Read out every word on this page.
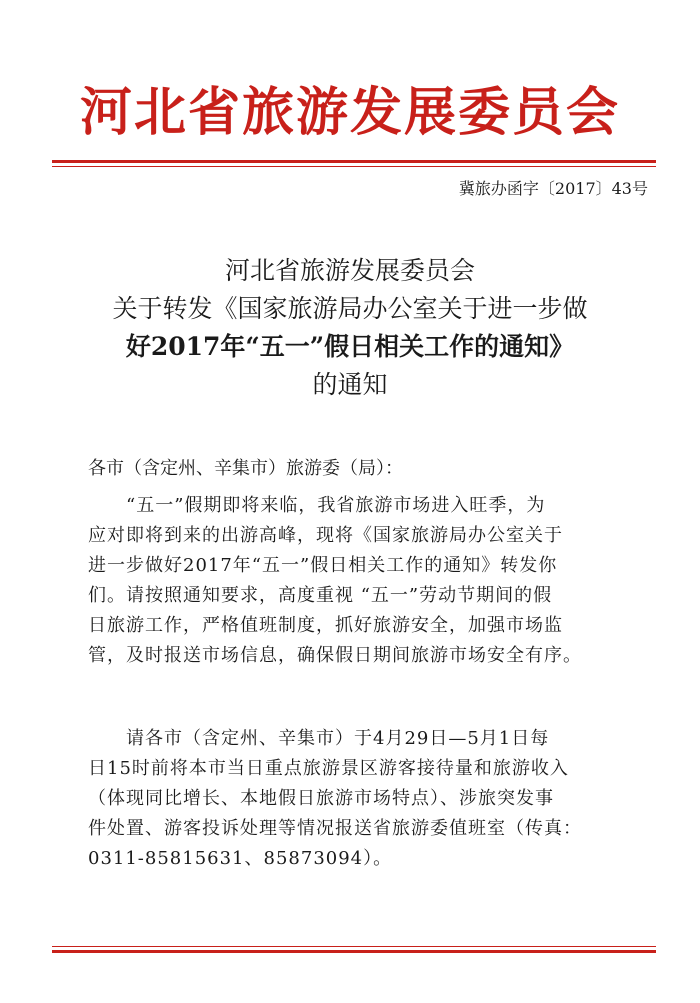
河北省旅游发展委员会
冀旅办函字〔2017〕43号
河北省旅游发展委员会
关于转发《国家旅游局办公室关于进一步做
好2017年“五一”假日相关工作的通知》
的通知
各市（含定州、辛集市）旅游委（局）：
　　“五一”假期即将来临，我省旅游市场进入旺季，为
应对即将到来的出游高峰，现将《国家旅游局办公室关于
进一步做好2017年“五一”假日相关工作的通知》转发你
们。请按照通知要求，高度重视 “五一”劳动节期间的假
日旅游工作，严格值班制度，抓好旅游安全，加强市场监
管，及时报送市场信息，确保假日期间旅游市场安全有序。
　　请各市（含定州、辛集市）于4月29日—5月1日每
日15时前将本市当日重点旅游景区游客接待量和旅游收入
（体现同比增长、本地假日旅游市场特点）、涉旅突发事
件处置、游客投诉处理等情况报送省旅游委值班室（传真：
0311-85815631、85873094）。
